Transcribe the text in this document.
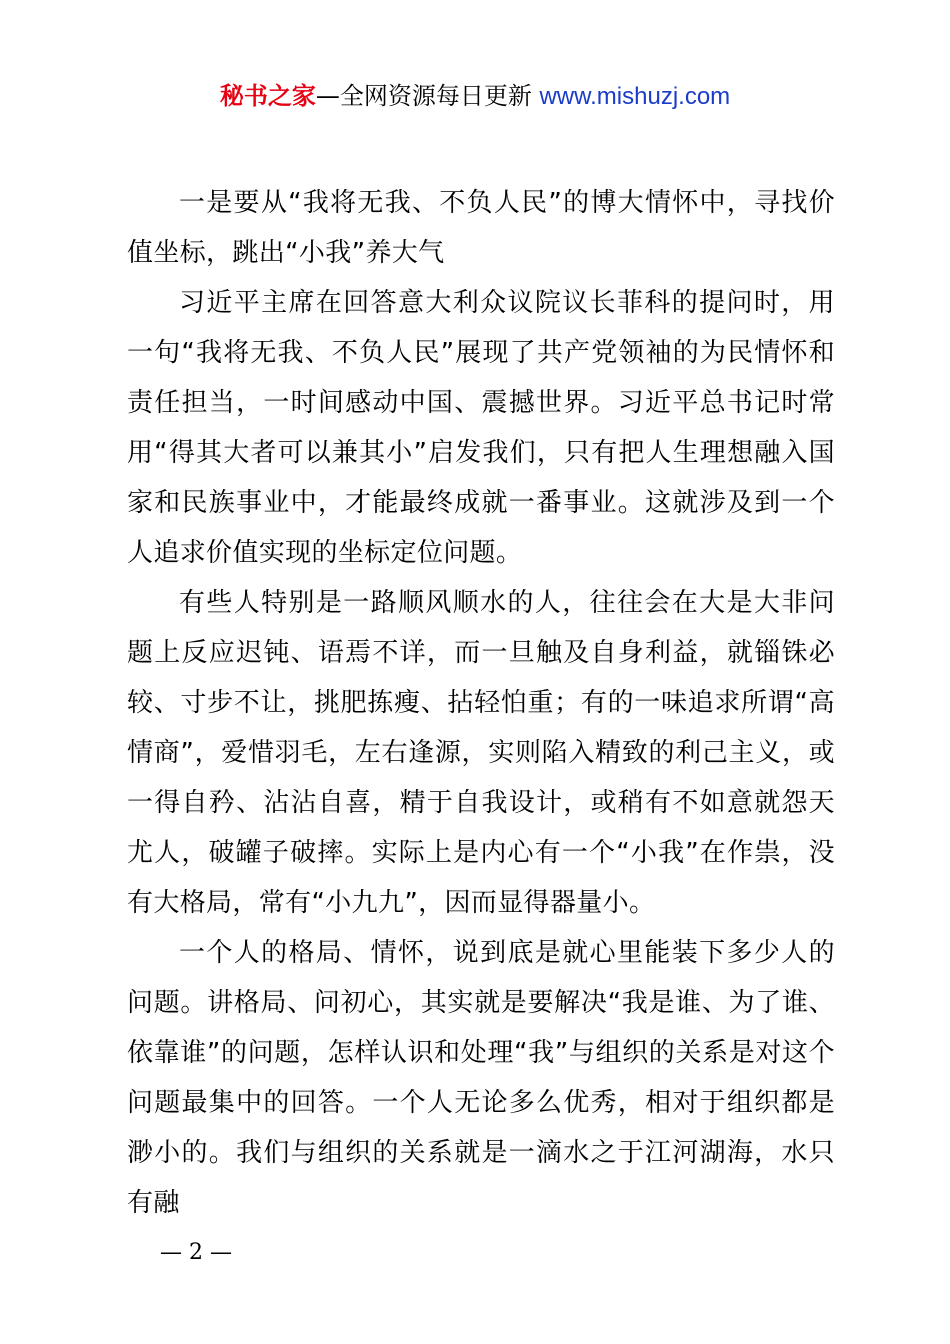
秘书之家—全网资源每日更新 www.mishuzj.com

一是要从“我将无我、不负人民”的博大情怀中，寻找价值坐标，跳出“小我”养大气

习近平主席在回答意大利众议院议长菲科的提问时，用一句“我将无我、不负人民”展现了共产党领袖的为民情怀和责任担当，一时间感动中国、震撼世界。习近平总书记时常用“得其大者可以兼其小”启发我们，只有把人生理想融入国家和民族事业中，才能最终成就一番事业。这就涉及到一个人追求价值实现的坐标定位问题。

有些人特别是一路顺风顺水的人，往往会在大是大非问题上反应迟钝、语焉不详，而一旦触及自身利益，就锱铢必较、寸步不让，挑肥拣瘦、拈轻怕重；有的一味追求所谓“高情商”，爱惜羽毛，左右逢源，实则陷入精致的利己主义，或一得自矜、沾沾自喜，精于自我设计，或稍有不如意就怨天尤人，破罐子破摔。实际上是内心有一个“小我”在作祟，没有大格局，常有“小九九”，因而显得器量小。

一个人的格局、情怀，说到底是就心里能装下多少人的问题。讲格局、问初心，其实就是要解决“我是谁、为了谁、依靠谁”的问题，怎样认识和处理“我”与组织的关系是对这个问题最集中的回答。一个人无论多么优秀，相对于组织都是渺小的。我们与组织的关系就是一滴水之于江河湖海，水只有融

— 2 —
